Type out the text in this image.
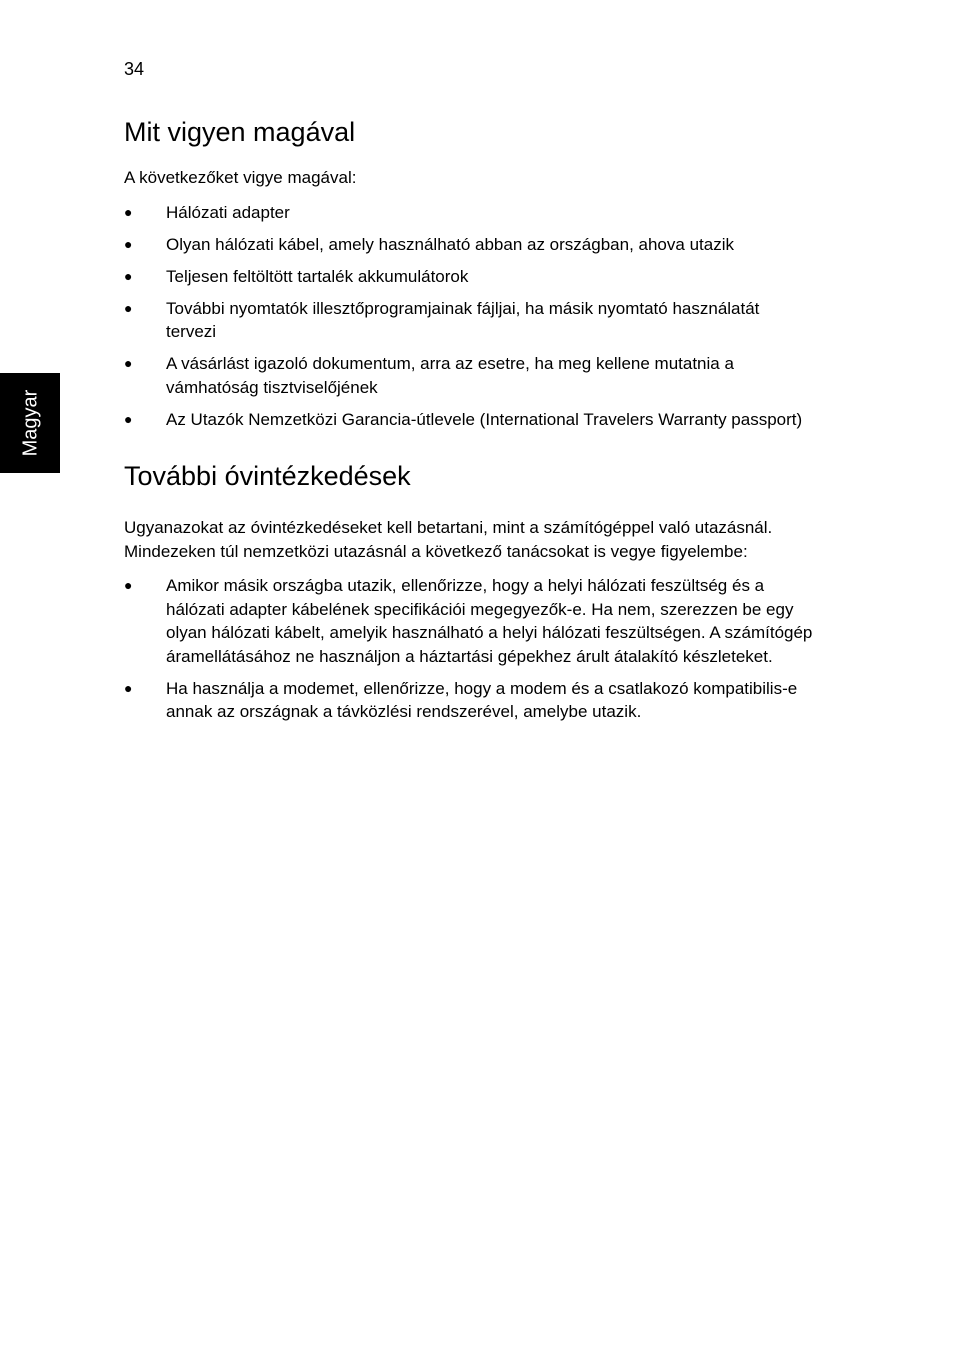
34
Magyar
Mit vigyen magával

A következőket vigye magával:

● Hálózati adapter
● Olyan hálózati kábel, amely használható abban az országban, ahova utazik
● Teljesen feltöltött tartalék akkumulátorok
● További nyomtatók illesztőprogramjainak fájljai, ha másik nyomtató használatát tervezi
● A vásárlást igazoló dokumentum, arra az esetre, ha meg kellene mutatnia a vámhatóság tisztviselőjének
● Az Utazók Nemzetközi Garancia-útlevele (International Travelers Warranty passport)
További óvintézkedések

Ugyanazokat az óvintézkedéseket kell betartani, mint a számítógéppel való utazásnál. Mindezeken túl nemzetközi utazásnál a következő tanácsokat is vegye figyelembe:

● Amikor másik országba utazik, ellenőrizze, hogy a helyi hálózati feszültség és a hálózati adapter kábelének specifikációi megegyezők-e. Ha nem, szerezzen be egy olyan hálózati kábelt, amelyik használható a helyi hálózati feszültségen. A számítógép áramellátásához ne használjon a háztartási gépekhez árult átalakító készleteket.
● Ha használja a modemet, ellenőrizze, hogy a modem és a csatlakozó kompatibilis-e annak az országnak a távközlési rendszerével, amelybe utazik.
